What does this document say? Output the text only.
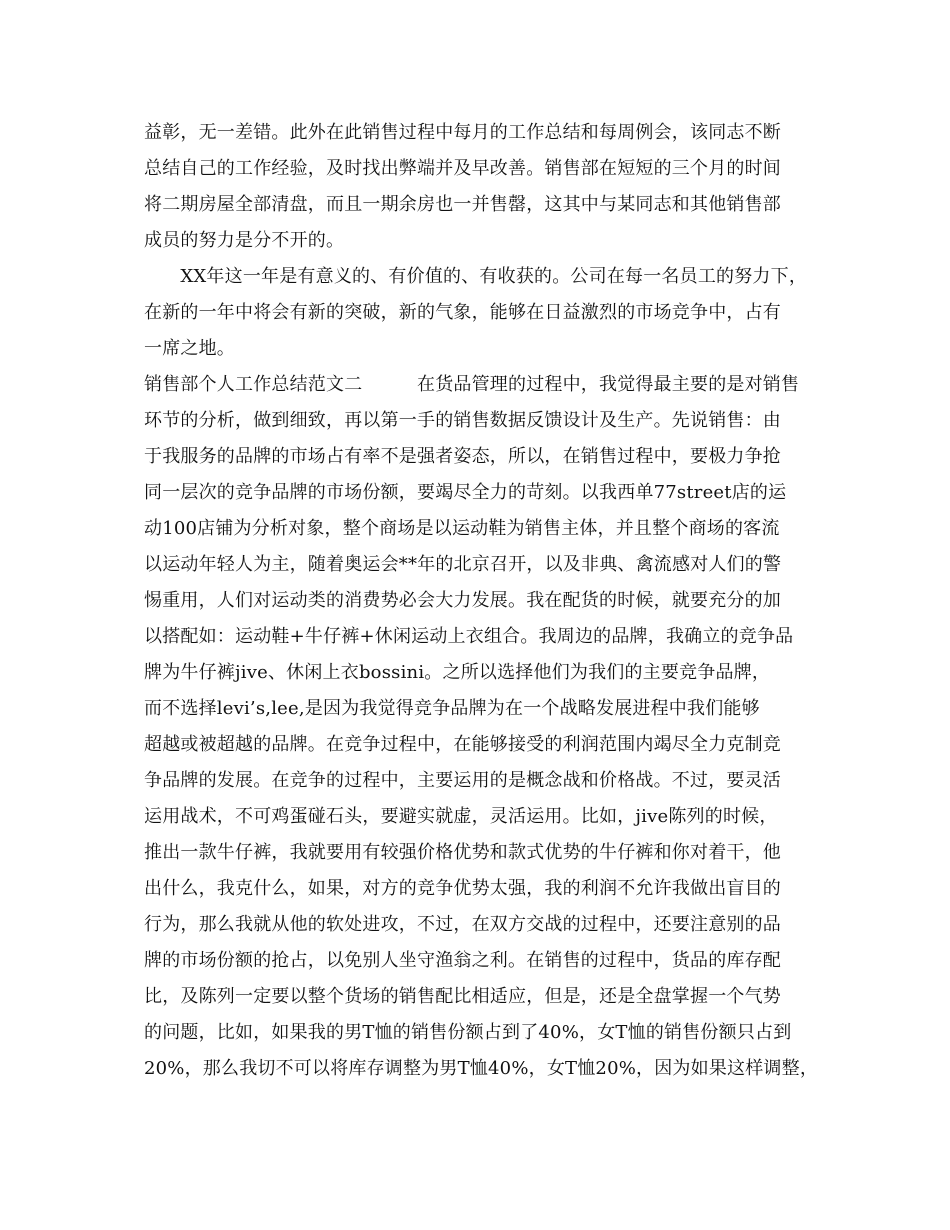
益彰，无一差错。此外在此销售过程中每月的工作总结和每周例会，该同志不断
总结自己的工作经验，及时找出弊端并及早改善。销售部在短短的三个月的时间
将二期房屋全部清盘，而且一期余房也一并售罄，这其中与某同志和其他销售部
成员的努力是分不开的。
　　XX年这一年是有意义的、有价值的、有收获的。公司在每一名员工的努力下，
在新的一年中将会有新的突破，新的气象，能够在日益激烈的市场竞争中，占有
一席之地。
销售部个人工作总结范文二　　　在货品管理的过程中，我觉得最主要的是对销售
环节的分析，做到细致，再以第一手的销售数据反馈设计及生产。先说销售：由
于我服务的品牌的市场占有率不是强者姿态，所以，在销售过程中，要极力争抢
同一层次的竞争品牌的市场份额，要竭尽全力的苛刻。以我西单77street店的运
动100店铺为分析对象，整个商场是以运动鞋为销售主体，并且整个商场的客流
以运动年轻人为主，随着奥运会**年的北京召开，以及非典、禽流感对人们的警
惕重用，人们对运动类的消费势必会大力发展。我在配货的时候，就要充分的加
以搭配如：运动鞋+牛仔裤+休闲运动上衣组合。我周边的品牌，我确立的竞争品
牌为牛仔裤jive、休闲上衣bossini。之所以选择他们为我们的主要竞争品牌，
而不选择levi’s,lee,是因为我觉得竞争品牌为在一个战略发展进程中我们能够
超越或被超越的品牌。在竞争过程中，在能够接受的利润范围内竭尽全力克制竞
争品牌的发展。在竞争的过程中，主要运用的是概念战和价格战。不过，要灵活
运用战术，不可鸡蛋碰石头，要避实就虚，灵活运用。比如，jive陈列的时候，
推出一款牛仔裤，我就要用有较强价格优势和款式优势的牛仔裤和你对着干，他
出什么，我克什么，如果，对方的竞争优势太强，我的利润不允许我做出盲目的
行为，那么我就从他的软处进攻，不过，在双方交战的过程中，还要注意别的品
牌的市场份额的抢占，以免别人坐守渔翁之利。在销售的过程中，货品的库存配
比，及陈列一定要以整个货场的销售配比相适应，但是，还是全盘掌握一个气势
的问题，比如，如果我的男T恤的销售份额占到了40%，女T恤的销售份额只占到
20%，那么我切不可以将库存调整为男T恤40%，女T恤20%，因为如果这样调整，
